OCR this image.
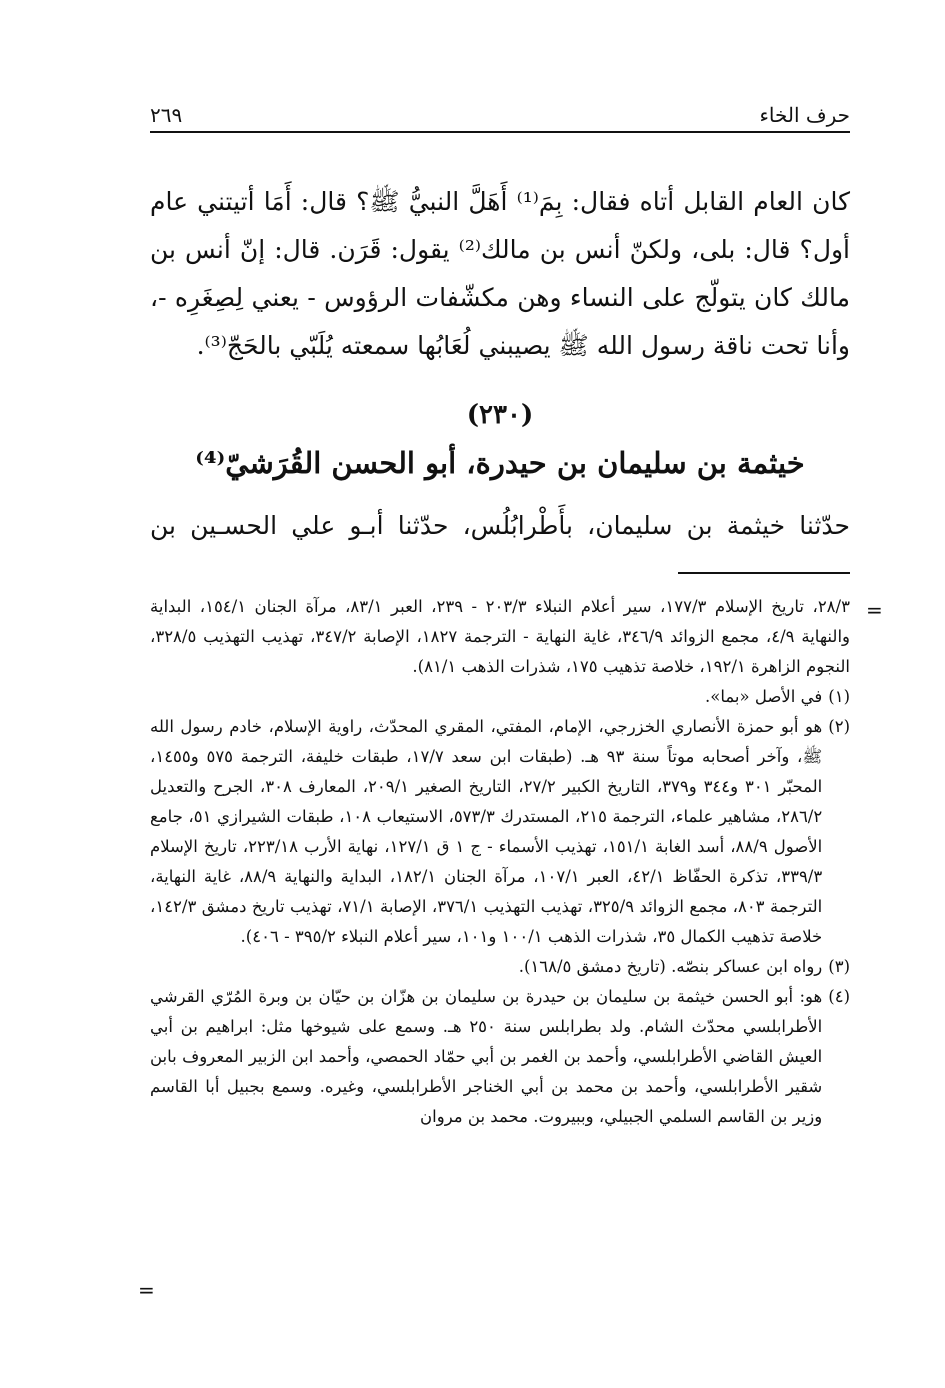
حرف الخاء
٢٦٩
كان العام القابل أتاه فقال: بِمَ⁽¹⁾ أَهَلَّ النبيُّ ﷺ؟ قال: أَمَا أتيتني عام أول؟ قال: بلى، ولكنّ أنس بن مالك⁽²⁾ يقول: قَرَن. قال: إنّ أنس بن مالك كان يتولّج على النساء وهن مكشّفات الرؤوس - يعني لِصِغَرِه -، وأنا تحت ناقة رسول الله ﷺ يصيبني لُعَابُها سمعته يُلَبّي بالحَجّ⁽³⁾.
(٢٣٠)
خيثمة بن سليمان بن حيدرة، أبو الحسن القُرَشيّ⁽⁴⁾
حدّثنا خيثمة بن سليمان، بأَطْرابُلُس، حدّثنا أبـو علي الحسـين بن
=

٢٨/٣، تاريخ الإسلام ١٧٧/٣، سير أعلام النبلاء ٢٠٣/٣ - ٢٣٩، العبر ٨٣/١، مرآة الجنان ١٥٤/١، البداية والنهاية ٤/٩، مجمع الزوائد ٣٤٦/٩، غاية النهاية - الترجمة ١٨٢٧، الإصابة ٣٤٧/٢، تهذيب التهذيب ٣٢٨/٥، النجوم الزاهرة ١٩٢/١، خلاصة تذهيب ١٧٥، شذرات الذهب ٨١/١).

(١)
في الأصل «بما».
(٢)
هو أبو حمزة الأنصاري الخزرجي، الإمام، المفتي، المقري المحدّث، راوية الإسلام، خادم رسول الله ﷺ، وآخر أصحابه موتاً سنة ٩٣ هـ. (طبقات ابن سعد ١٧/٧، طبقات خليفة، الترجمة ٥٧٥ و١٤٥٥، المحبّر ٣٠١ و٣٤٤ و٣٧٩، التاريخ الكبير ٢٧/٢، التاريخ الصغير ٢٠٩/١، المعارف ٣٠٨، الجرح والتعديل ٢٨٦/٢، مشاهير علماء، الترجمة ٢١٥، المستدرك ٥٧٣/٣، الاستيعاب ١٠٨، طبقات الشيرازي ٥١، جامع الأصول ٨٨/٩، أسد الغابة ١٥١/١، تهذيب الأسماء - ج ١ ق ١٢٧/١، نهاية الأرب ٢٢٣/١٨، تاريخ الإسلام ٣٣٩/٣، تذكرة الحفّاظ ٤٢/١، العبر ١٠٧/١، مرآة الجنان ١٨٢/١، البداية والنهاية ٨٨/٩، غاية النهاية، الترجمة ٨٠٣، مجمع الزوائد ٣٢٥/٩، تهذيب التهذيب ٣٧٦/١، الإصابة ٧١/١، تهذيب تاريخ دمشق ١٤٢/٣، خلاصة تذهيب الكمال ٣٥، شذرات الذهب ١٠٠/١ و١٠١، سير أعلام النبلاء ٣٩٥/٢ - ٤٠٦).
(٣)
رواه ابن عساكر بنصّه. (تاريخ دمشق ١٦٨/٥).
(٤)
هو: أبو الحسن خيثمة بن سليمان بن حيدرة بن سليمان بن هزّان بن حيّان بن وبرة المُرّي القرشي الأطرابلسي محدّث الشام. ولد بطرابلس سنة ٢٥٠ هـ. وسمع على شيوخها مثل: ابراهيم بن أبي العيش القاضي الأطرابلسي، وأحمد بن الغمر بن أبي حمّاد الحمصي، وأحمد ابن الزبير المعروف بابن شقير الأطرابلسي، وأحمد بن محمد بن أبي الخناجر الأطرابلسي، وغيره. وسمع بجبيل أبا القاسم وزير بن القاسم السلمي الجبيلي، وببيروت. محمد بن مروان
=
